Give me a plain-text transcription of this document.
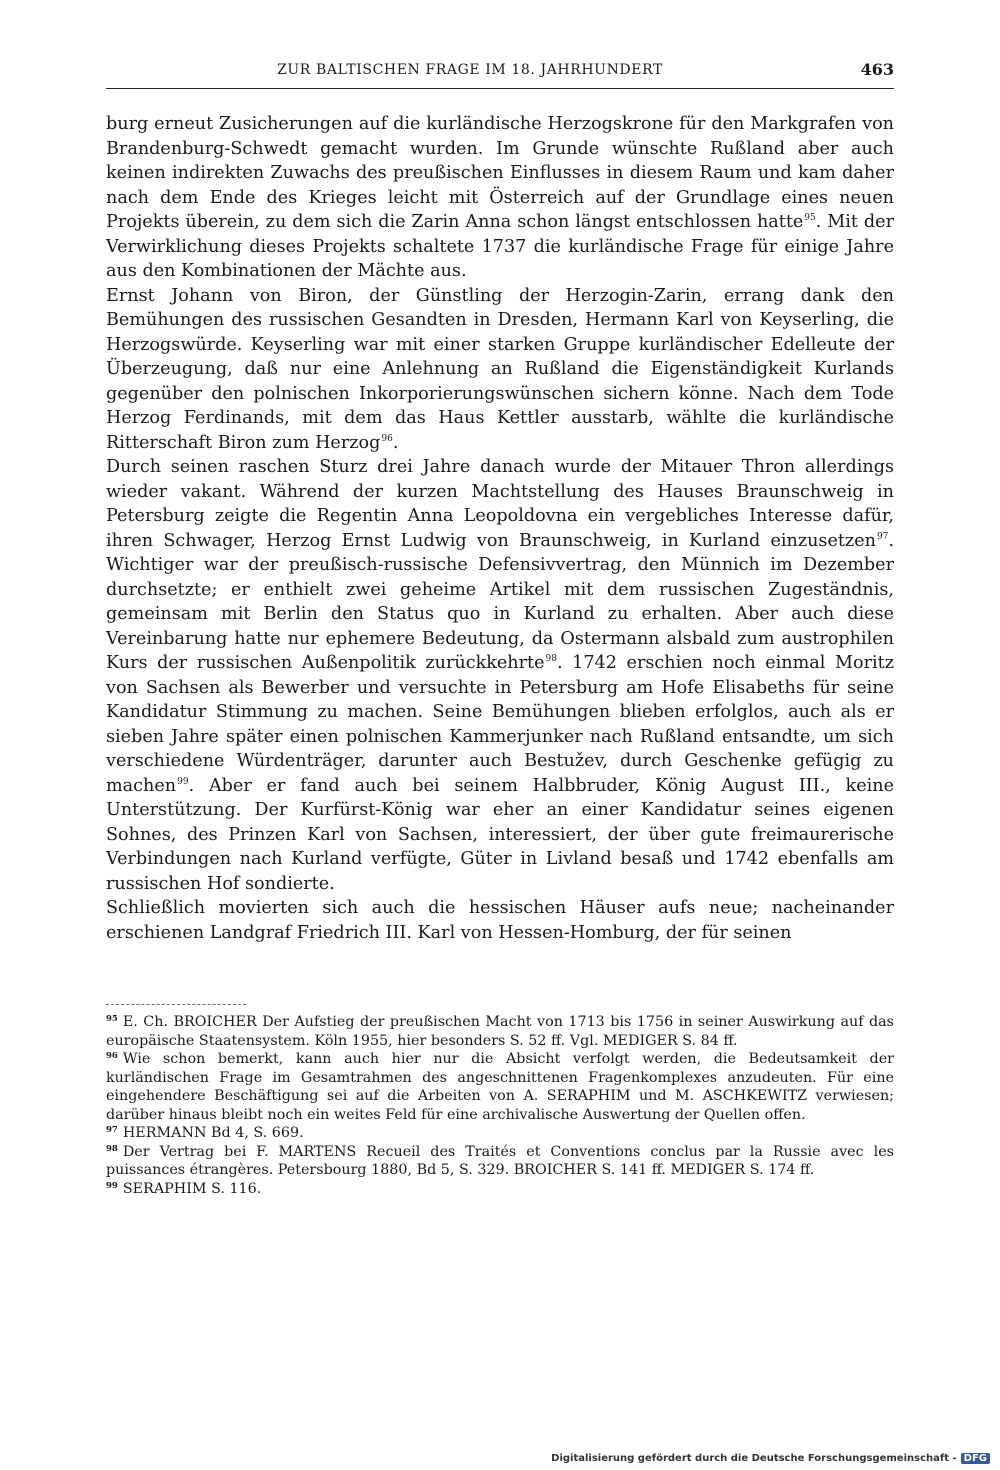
ZUR BALTISCHEN FRAGE IM 18. JAHRHUNDERT	463

burg erneut Zusicherungen auf die kurländische Herzogskrone für den Markgrafen von Brandenburg-Schwedt gemacht wurden. Im Grunde wünschte Rußland aber auch keinen indirekten Zuwachs des preußischen Einflusses in diesem Raum und kam daher nach dem Ende des Krieges leicht mit Österreich auf der Grundlage eines neuen Projekts überein, zu dem sich die Zarin Anna schon längst entschlossen hatte$^{95}$. Mit der Verwirklichung dieses Projekts schaltete 1737 die kurländische Frage für einige Jahre aus den Kombinationen der Mächte aus.

Ernst Johann von Biron, der Günstling der Herzogin-Zarin, errang dank den Bemühungen des russischen Gesandten in Dresden, Hermann Karl von Keyserling, die Herzogswürde. Keyserling war mit einer starken Gruppe kurländischer Edelleute der Überzeugung, daß nur eine Anlehnung an Rußland die Eigenständigkeit Kurlands gegenüber den polnischen Inkorporierungswünschen sichern könne. Nach dem Tode Herzog Ferdinands, mit dem das Haus Kettler ausstarb, wählte die kurländische Ritterschaft Biron zum Herzog$^{96}$.

Durch seinen raschen Sturz drei Jahre danach wurde der Mitauer Thron allerdings wieder vakant. Während der kurzen Machtstellung des Hauses Braunschweig in Petersburg zeigte die Regentin Anna Leopoldovna ein vergebliches Interesse dafür, ihren Schwager, Herzog Ernst Ludwig von Braunschweig, in Kurland einzusetzen$^{97}$. Wichtiger war der preußisch-russische Defensivvertrag, den Münnich im Dezember durchsetzte; er enthielt zwei geheime Artikel mit dem russischen Zugeständnis, gemeinsam mit Berlin den Status quo in Kurland zu erhalten. Aber auch diese Vereinbarung hatte nur ephemere Bedeutung, da Ostermann alsbald zum austrophilen Kurs der russischen Außenpolitik zurückkehrte$^{98}$. 1742 erschien noch einmal Moritz von Sachsen als Bewerber und versuchte in Petersburg am Hofe Elisabeths für seine Kandidatur Stimmung zu machen. Seine Bemühungen blieben erfolglos, auch als er sieben Jahre später einen polnischen Kammerjunker nach Rußland entsandte, um sich verschiedene Würdenträger, darunter auch Bestužev, durch Geschenke gefügig zu machen$^{99}$. Aber er fand auch bei seinem Halbbruder, König August III., keine Unterstützung. Der Kurfürst-König war eher an einer Kandidatur seines eigenen Sohnes, des Prinzen Karl von Sachsen, interessiert, der über gute freimaurerische Verbindungen nach Kurland verfügte, Güter in Livland besaß und 1742 ebenfalls am russischen Hof sondierte.

Schließlich movierten sich auch die hessischen Häuser aufs neue; nacheinander erschienen Landgraf Friedrich III. Karl von Hessen-Homburg, der für seinen

$^{95}$ E. Ch. BROICHER Der Aufstieg der preußischen Macht von 1713 bis 1756 in seiner Auswirkung auf das europäische Staatensystem. Köln 1955, hier besonders S. 52 ff. Vgl. MEDIGER S. 84 ff.

$^{96}$ Wie schon bemerkt, kann auch hier nur die Absicht verfolgt werden, die Bedeutsamkeit der kurländischen Frage im Gesamtrahmen des angeschnittenen Fragenkomplexes anzudeuten. Für eine eingehendere Beschäftigung sei auf die Arbeiten von A. SERAPHIM und M. ASCHKEWITZ verwiesen; darüber hinaus bleibt noch ein weites Feld für eine archivalische Auswertung der Quellen offen.

$^{97}$ HERMANN Bd 4, S. 669.

$^{98}$ Der Vertrag bei F. MARTENS Recueil des Traités et Conventions conclus par la Russie avec les puissances étrangères. Petersbourg 1880, Bd 5, S. 329. BROICHER S. 141 ff. MEDIGER S. 174 ff.

$^{99}$ SERAPHIM S. 116.

Digitalisierung gefördert durch die Deutsche Forschungsgemeinschaft - DFG
